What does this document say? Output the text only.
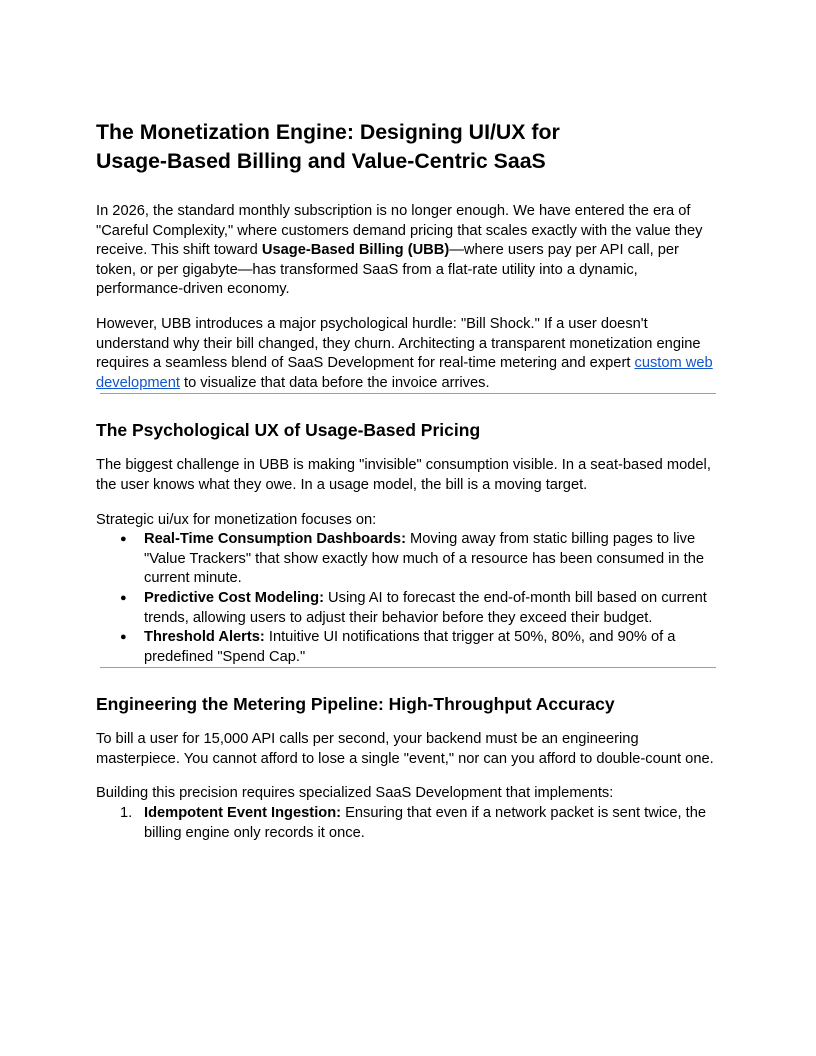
The Monetization Engine: Designing UI/UX for
Usage-Based Billing and Value-Centric SaaS

In 2026, the standard monthly subscription is no longer enough. We have entered the era of "Careful Complexity," where customers demand pricing that scales exactly with the value they receive. This shift toward Usage-Based Billing (UBB)—where users pay per API call, per token, or per gigabyte—has transformed SaaS from a flat-rate utility into a dynamic, performance-driven economy.

However, UBB introduces a major psychological hurdle: "Bill Shock." If a user doesn't understand why their bill changed, they churn. Architecting a transparent monetization engine requires a seamless blend of SaaS Development for real-time metering and expert custom web development to visualize that data before the invoice arrives.

The Psychological UX of Usage-Based Pricing

The biggest challenge in UBB is making "invisible" consumption visible. In a seat-based model, the user knows what they owe. In a usage model, the bill is a moving target.

Strategic ui/ux for monetization focuses on:

● Real-Time Consumption Dashboards: Moving away from static billing pages to live "Value Trackers" that show exactly how much of a resource has been consumed in the current minute.
● Predictive Cost Modeling: Using AI to forecast the end-of-month bill based on current trends, allowing users to adjust their behavior before they exceed their budget.
● Threshold Alerts: Intuitive UI notifications that trigger at 50%, 80%, and 90% of a predefined "Spend Cap."
Engineering the Metering Pipeline: High-Throughput Accuracy

To bill a user for 15,000 API calls per second, your backend must be an engineering masterpiece. You cannot afford to lose a single "event," nor can you afford to double-count one.

Building this precision requires specialized SaaS Development that implements:

1. Idempotent Event Ingestion: Ensuring that even if a network packet is sent twice, the billing engine only records it once.
